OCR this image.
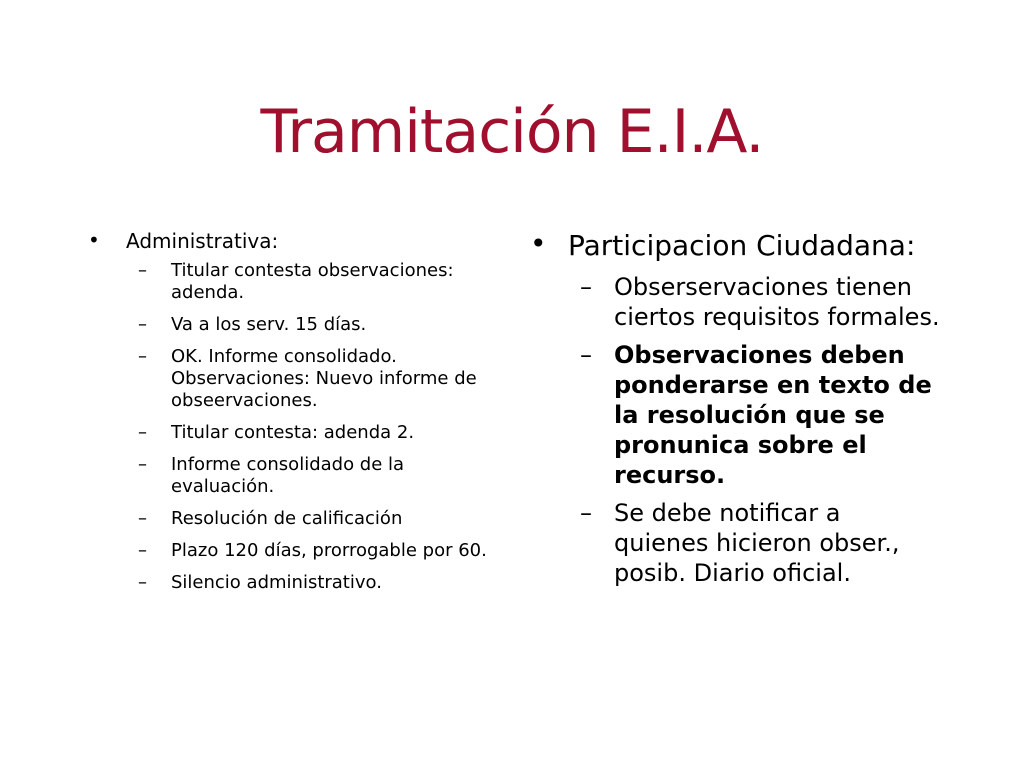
Tramitación E.I.A.
•	Administrativa:
–	Titular contesta observaciones: adenda.
–	Va a los serv. 15 días.
–	OK. Informe consolidado. Observaciones: Nuevo informe de obseervaciones.
–	Titular contesta: adenda 2.
–	Informe consolidado de la evaluación.
–	Resolución de calificación
–	Plazo 120 días, prorrogable por 60.
–	Silencio administrativo.
• Participacion Ciudadana:
– Obserservaciones tienen ciertos requisitos formales.
– Observaciones deben ponderarse en texto de la resolución que se pronunica sobre el recurso.
– Se debe notificar a quienes hicieron obser., posib. Diario oficial.
